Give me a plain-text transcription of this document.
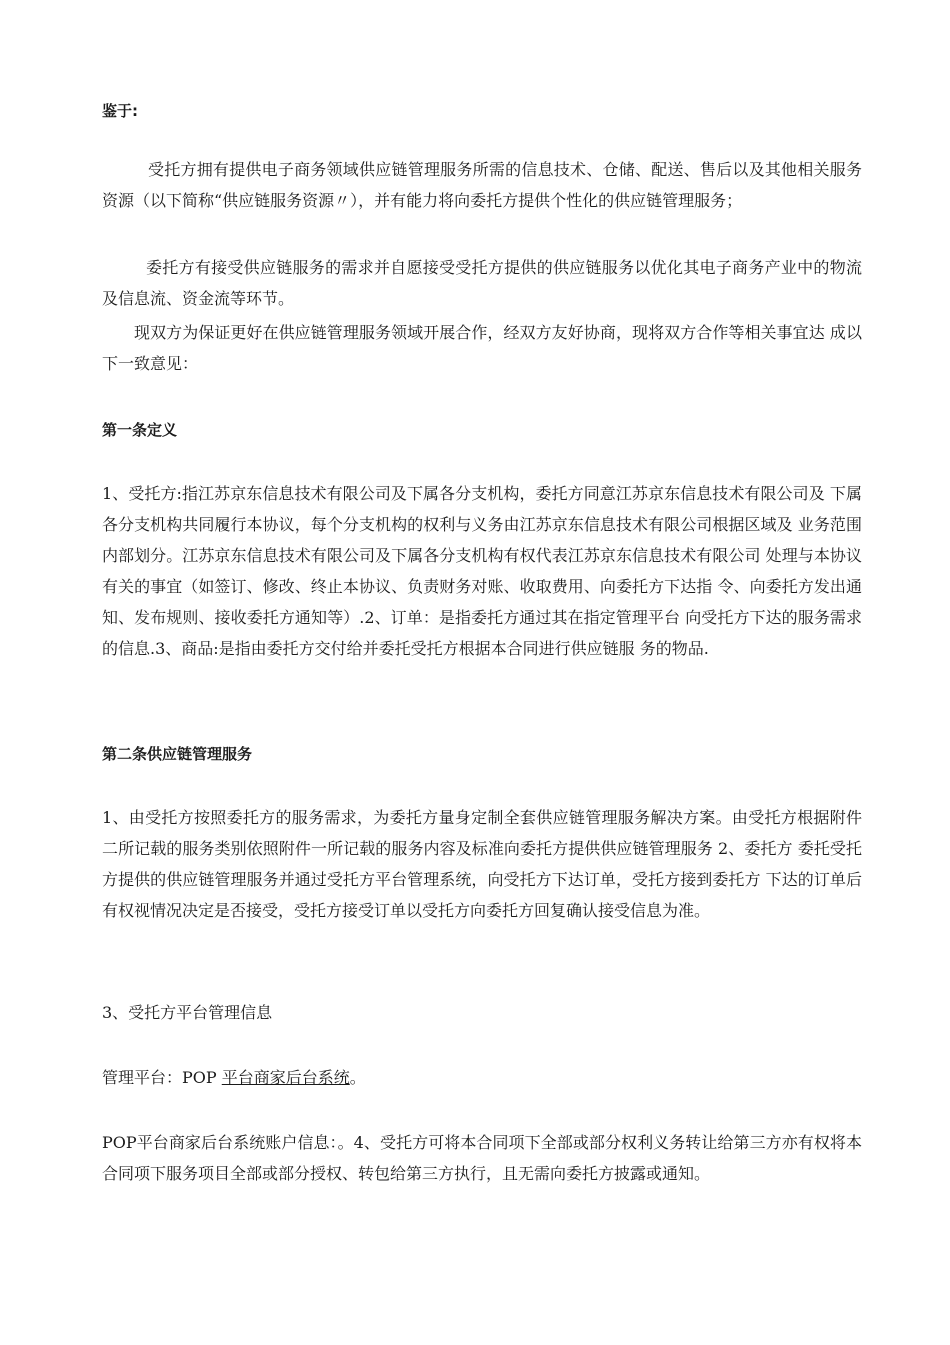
鉴于:
受托方拥有提供电子商务领域供应链管理服务所需的信息技术、仓储、配送、售后以及其他相关服务资源（以下简称“供应链服务资源〃），并有能力将向委托方提供个性化的供应链管理服务；
委托方有接受供应链服务的需求并自愿接受受托方提供的供应链服务以优化其电子商务产业中的物流及信息流、资金流等环节。
现双方为保证更好在供应链管理服务领域开展合作，经双方友好协商，现将双方合作等相关事宜达 成以下一致意见：
第一条定义
1、受托方:指江苏京东信息技术有限公司及下属各分支机构，委托方同意江苏京东信息技术有限公司及 下属各分支机构共同履行本协议，每个分支机构的权利与义务由江苏京东信息技术有限公司根据区域及 业务范围内部划分。江苏京东信息技术有限公司及下属各分支机构有权代表江苏京东信息技术有限公司 处理与本协议有关的事宜（如签订、修改、终止本协议、负责财务对账、收取费用、向委托方下达指 令、向委托方发出通知、发布规则、接收委托方通知等）.2、订单：是指委托方通过其在指定管理平台 向受托方下达的服务需求的信息.3、商品:是指由委托方交付给并委托受托方根据本合同进行供应链服 务的物品.
第二条供应链管理服务
1、由受托方按照委托方的服务需求，为委托方量身定制全套供应链管理服务解决方案。由受托方根据附件二所记载的服务类别依照附件一所记载的服务内容及标准向委托方提供供应链管理服务 2、委托方 委托受托方提供的供应链管理服务并通过受托方平台管理系统，向受托方下达订单，受托方接到委托方 下达的订单后有权视情况决定是否接受，受托方接受订单以受托方向委托方回复确认接受信息为准。
3、受托方平台管理信息
管理平台：POP 平台商家后台系统。
POP平台商家后台系统账户信息：。4、受托方可将本合同项下全部或部分权利义务转让给第三方亦有权将本合同项下服务项目全部或部分授权、转包给第三方执行，且无需向委托方披露或通知。
